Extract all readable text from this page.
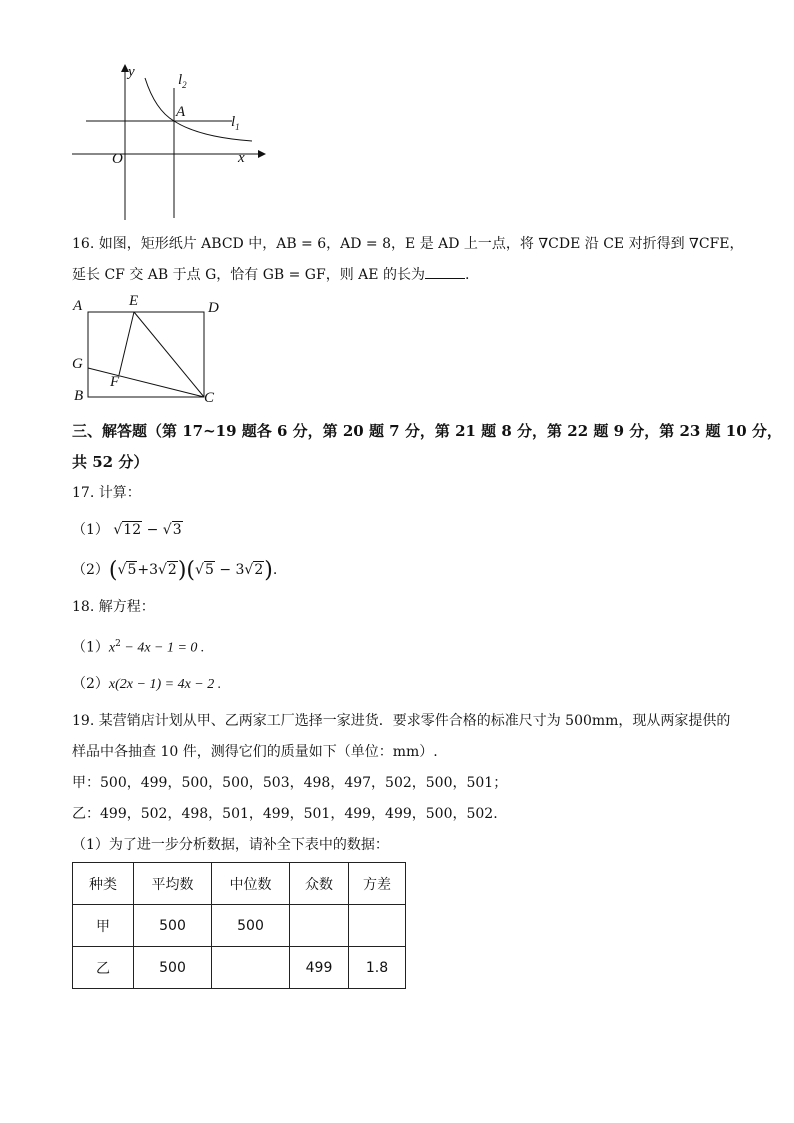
y
x
O
A
$l_2$
$l_1$
16. 如图，矩形纸片 ABCD 中，AB = 6，AD = 8，E 是 AD 上一点，将 ∇CDE 沿 CE 对折得到 ∇CFE，
延长 CF 交 AB 于点 G，恰有 GB = GF，则 AE 的长为	.
A	E	D
G
F
B	C
三、解答题（第 17~19 题各 6 分，第 20 题 7 分，第 21 题 8 分，第 22 题 9 分，第 23 题 10 分，
共 52 分）
17. 计算：
（1） √12 − √3
（2）(√5+3√2)(√5 − 3√2).
18. 解方程：
$(1)x^2 - 4x - 1 = 0$ .
（2）x(2x − 1) = 4x − 2 .
19. 某营销店计划从甲、乙两家工厂选择一家进货．要求零件合格的标准尺寸为 500mm，现从两家提供的
样品中各抽查 10 件，测得它们的质量如下（单位：mm）.
甲：500，499，500，500，503，498，497，502，500，501；
乙：499，502，498，501，499，501，499，499，500，502.
（1）为了进一步分析数据，请补全下表中的数据：
种类	平均数	中位数	众数	方差
甲	500	500		
乙	500		499	1.8
